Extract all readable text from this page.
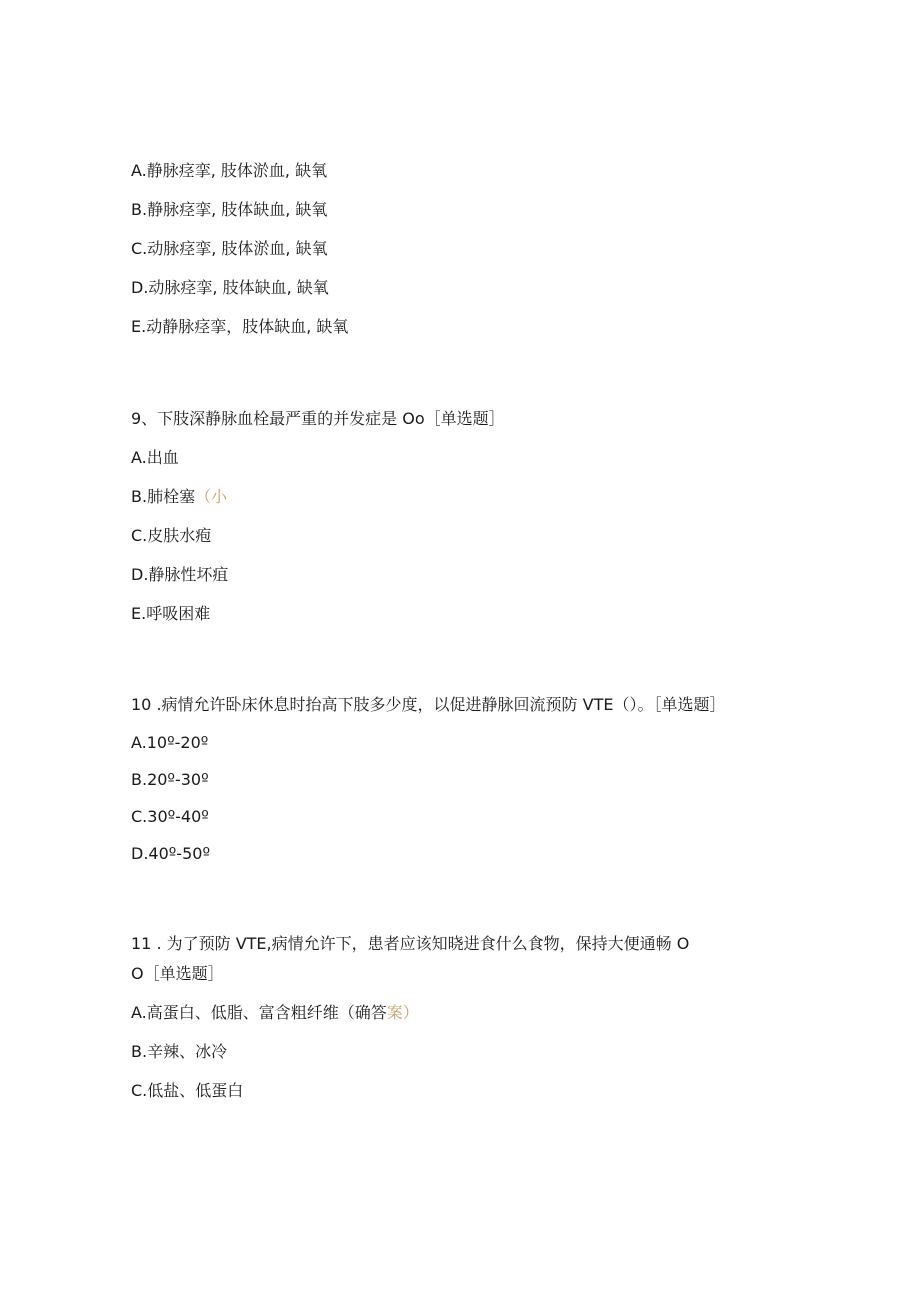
A.静脉痉挛, 肢体淤血, 缺氧
B.静脉痉挛, 肢体缺血, 缺氧
C.动脉痉挛, 肢体淤血, 缺氧
D.动脉痉挛, 肢体缺血, 缺氧
E.动静脉痉挛，肢体缺血, 缺氧
9、下肢深静脉血栓最严重的并发症是 Oo［单选题］
A.出血
B.肺栓塞（小
C.皮肤水疱
D.静脉性坏疽
E.呼吸困难
10 .病情允许卧床休息时抬高下肢多少度，以促进静脉回流预防 VTE（）。［单选题］
A.10º-20º
B.20º-30º
C.30º-40º
D.40º-50º
11 . 为了预防 VTE,病情允许下，患者应该知晓进食什么食物，保持大便通畅 O
O［单选题］
A.高蛋白、低脂、富含粗纤维（确答案）
B.辛辣、冰冷
C.低盐、低蛋白
